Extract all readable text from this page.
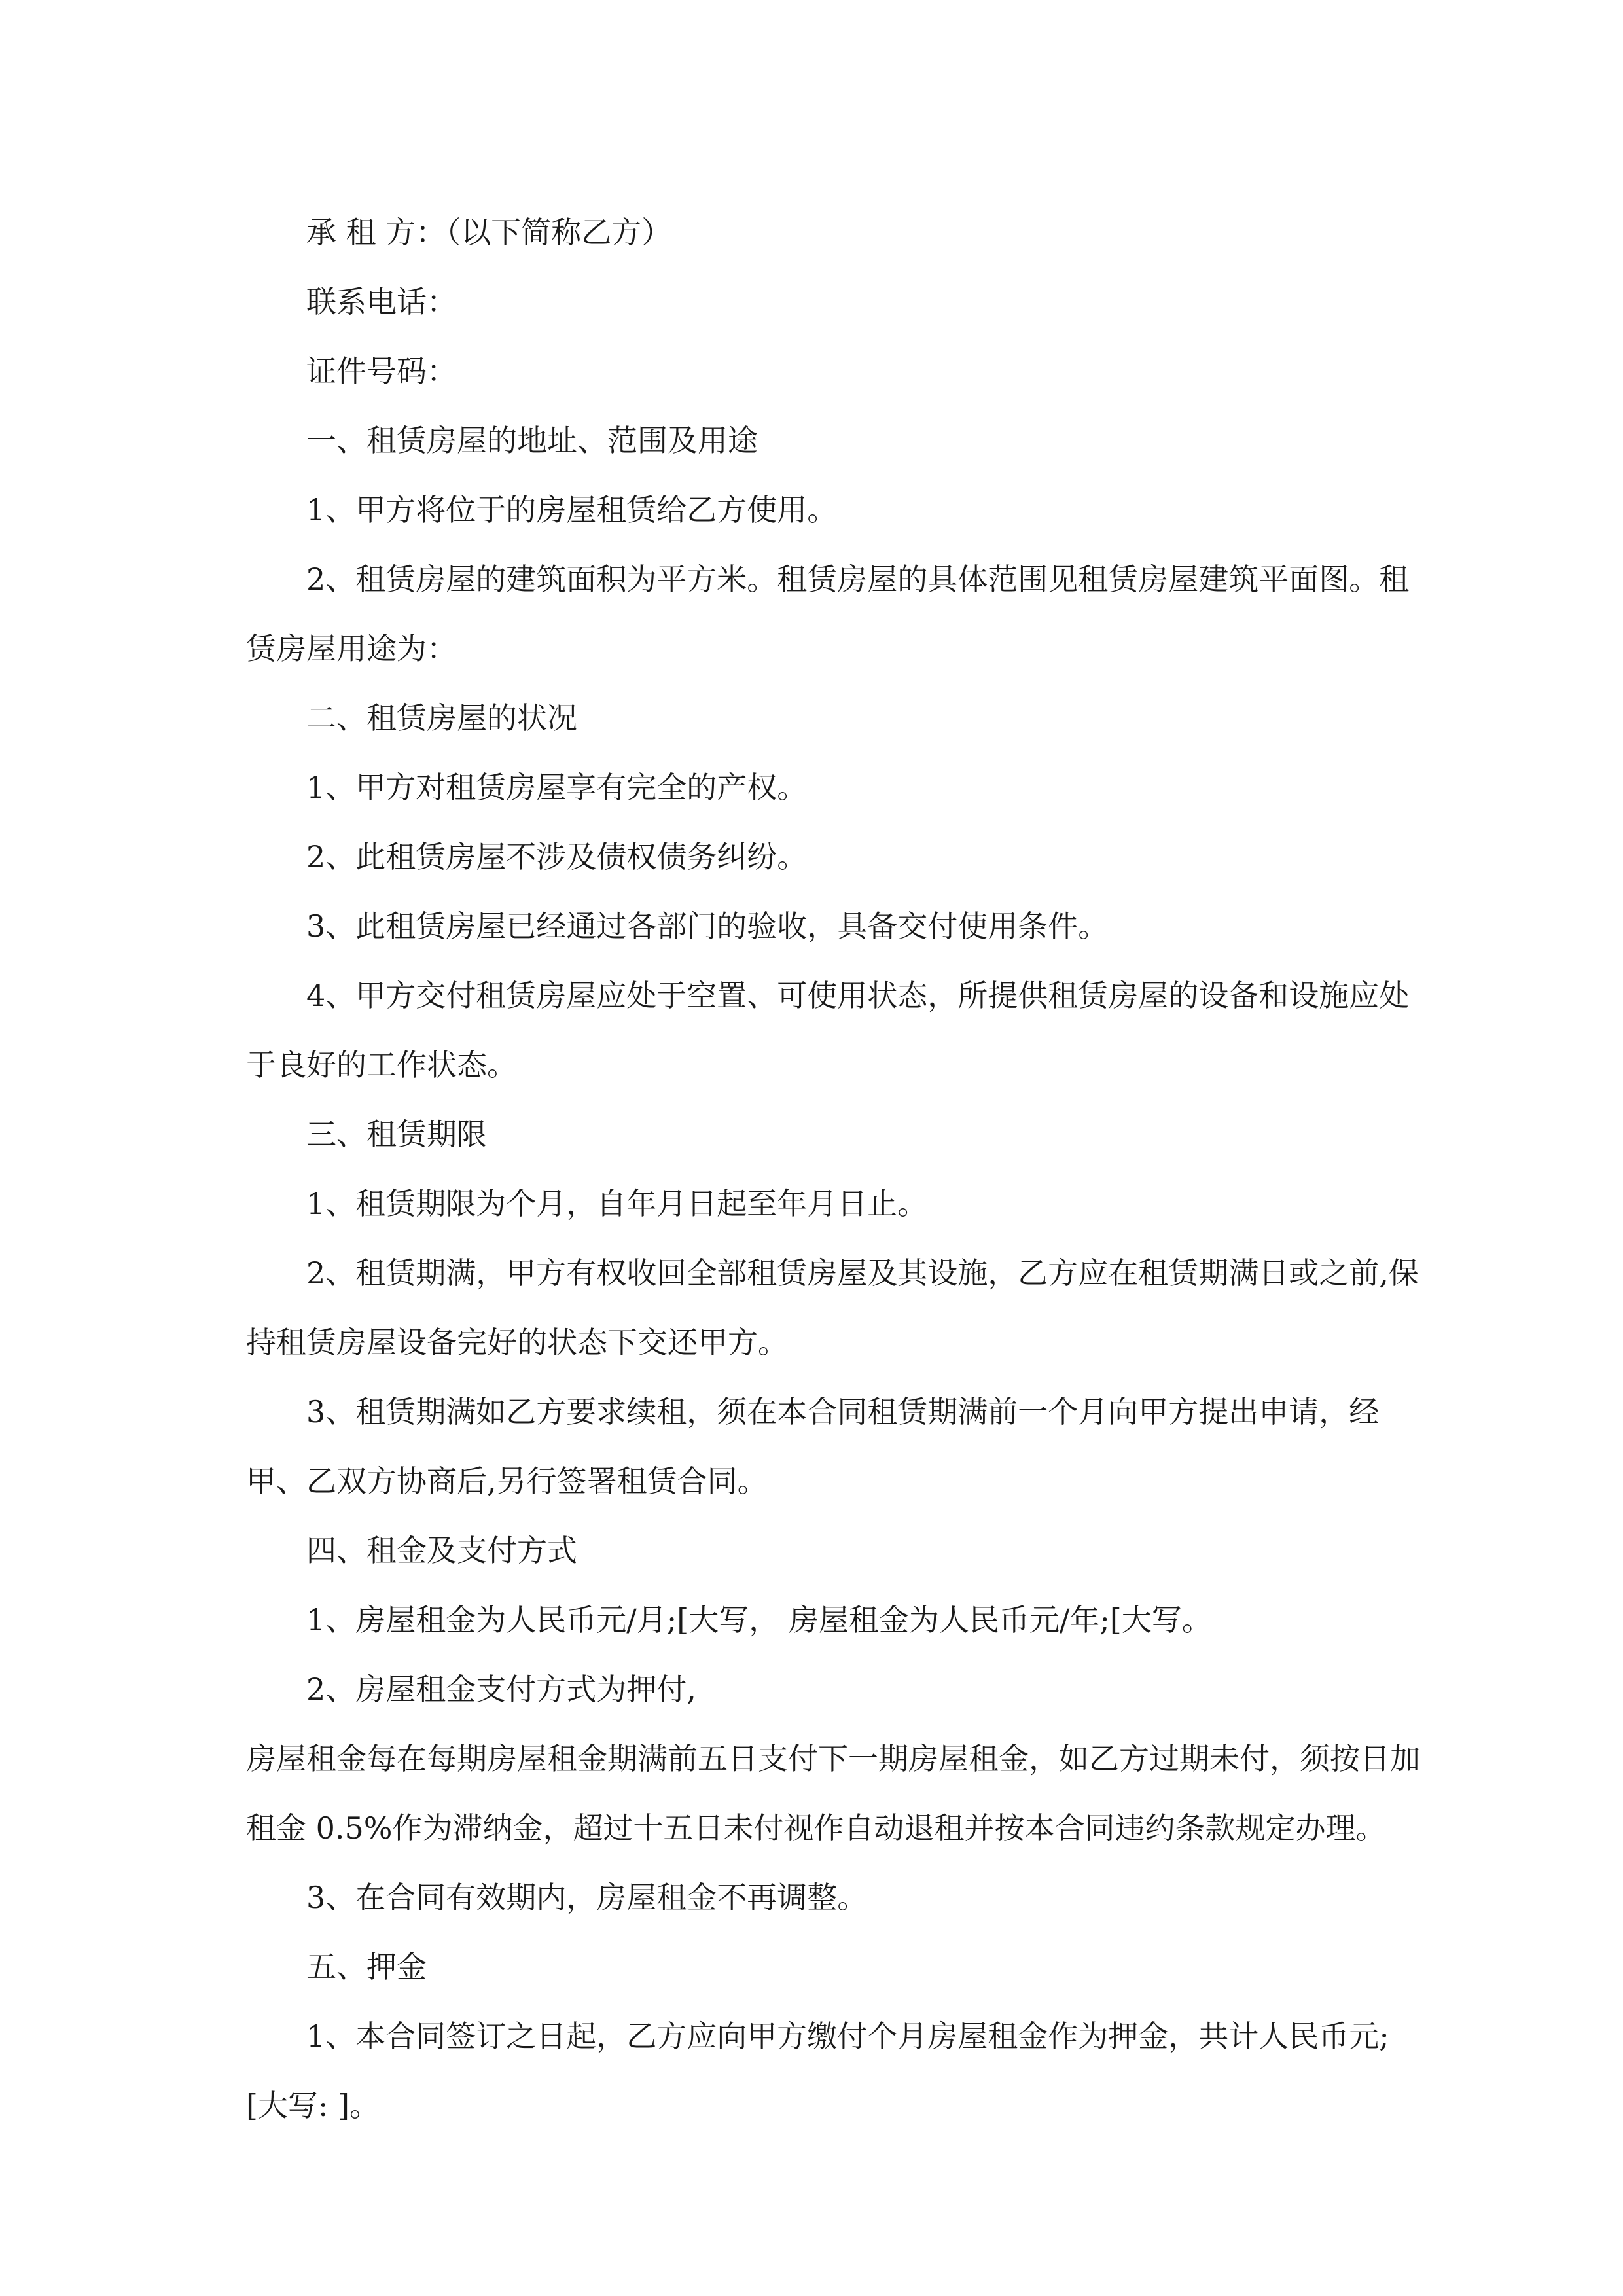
承 租 方：（以下简称乙方）

联系电话：

证件号码：

一、租赁房屋的地址、范围及用途

1、甲方将位于的房屋租赁给乙方使用。

2、租赁房屋的建筑面积为平方米。租赁房屋的具体范围见租赁房屋建筑平面图。租赁房屋用途为：

二、租赁房屋的状况

1、甲方对租赁房屋享有完全的产权。

2、此租赁房屋不涉及债权债务纠纷。

3、此租赁房屋已经通过各部门的验收，具备交付使用条件。

4、甲方交付租赁房屋应处于空置、可使用状态，所提供租赁房屋的设备和设施应处于良好的工作状态。

三、租赁期限

1、租赁期限为个月，自年月日起至年月日止。

2、租赁期满，甲方有权收回全部租赁房屋及其设施，乙方应在租赁期满日或之前,保持租赁房屋设备完好的状态下交还甲方。

3、租赁期满如乙方要求续租，须在本合同租赁期满前一个月向甲方提出申请，经甲、乙双方协商后,另行签署租赁合同。

四、租金及支付方式

1、房屋租金为人民币元/月;[大写， 房屋租金为人民币元/年;[大写。

2、房屋租金支付方式为押付,

房屋租金每在每期房屋租金期满前五日支付下一期房屋租金，如乙方过期未付，须按日加租金 0.5%作为滞纳金，超过十五日未付视作自动退租并按本合同违约条款规定办理。

3、在合同有效期内，房屋租金不再调整。

五、押金

1、本合同签订之日起，乙方应向甲方缴付个月房屋租金作为押金，共计人民币元;[大写: ]。
